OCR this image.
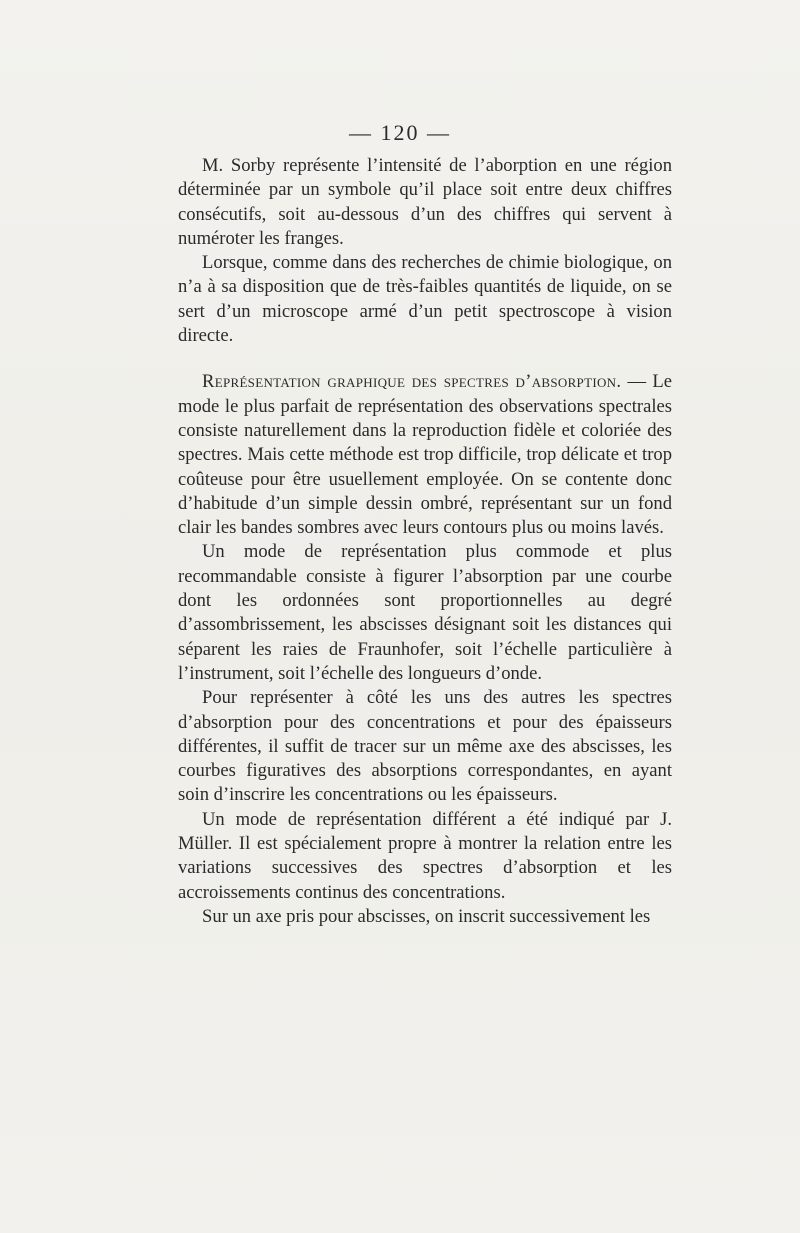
— 120 —

M. Sorby représente l’intensité de l’aborption en une région déterminée par un symbole qu’il place soit entre deux chiffres consécutifs, soit au-dessous d’un des chiffres qui servent à numéroter les franges.

Lorsque, comme dans des recherches de chimie biologique, on n’a à sa disposition que de très-faibles quantités de liquide, on se sert d’un microscope armé d’un petit spectroscope à vision directe.

Représentation graphique des spectres d’absorption. — Le mode le plus parfait de représentation des observations spectrales consiste naturellement dans la reproduction fidèle et coloriée des spectres. Mais cette méthode est trop difficile, trop délicate et trop coûteuse pour être usuellement employée. On se contente donc d’habitude d’un simple dessin ombré, représentant sur un fond clair les bandes sombres avec leurs contours plus ou moins lavés.

Un mode de représentation plus commode et plus recommandable consiste à figurer l’absorption par une courbe dont les ordonnées sont proportionnelles au degré d’assombrissement, les abscisses désignant soit les distances qui séparent les raies de Fraunhofer, soit l’échelle particulière à l’instrument, soit l’échelle des longueurs d’onde.

Pour représenter à côté les uns des autres les spectres d’absorption pour des concentrations et pour des épaisseurs différentes, il suffit de tracer sur un même axe des abscisses, les courbes figuratives des absorptions correspondantes, en ayant soin d’inscrire les concentrations ou les épaisseurs.

Un mode de représentation différent a été indiqué par J. Müller. Il est spécialement propre à montrer la relation entre les variations successives des spectres d’absorption et les accroissements continus des concentrations.

Sur un axe pris pour abscisses, on inscrit successivement les
